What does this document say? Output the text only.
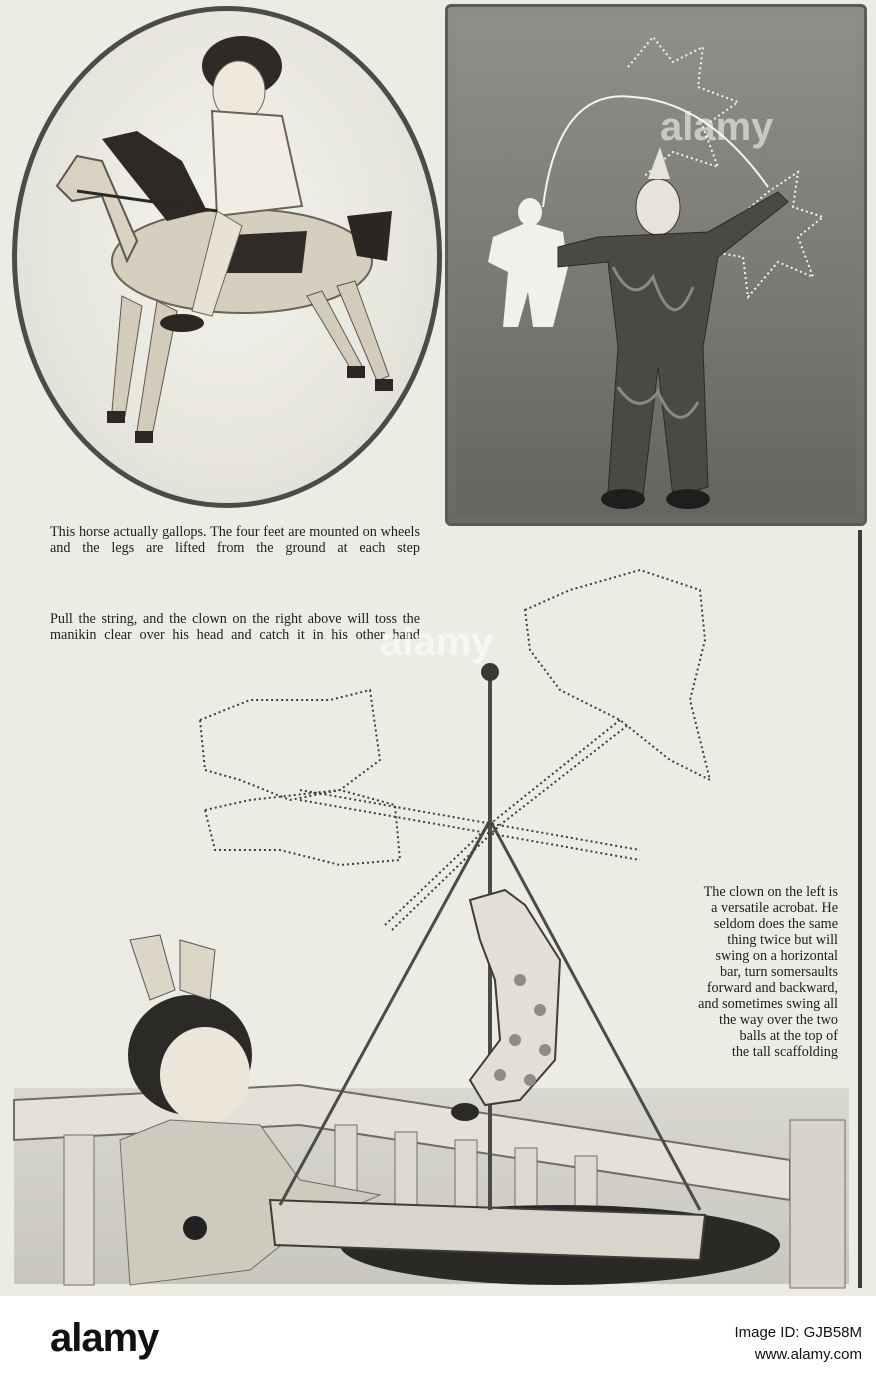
This horse actually gallops. The four feet are mounted on wheels and the legs are lifted from the ground at each step
Pull the string, and the clown on the right above will toss the manikin clear over his head and catch it in his other hand
The clown on the left is
a versatile acrobat. He
seldom does the same
thing twice but will
swing on a horizontal
bar, turn somersaults
forward and backward,
and sometimes swing all
the way over the two
balls at the top of
the tall scaffolding
alamy
alamy
alamy	Image ID: GJB58M
www.alamy.com
